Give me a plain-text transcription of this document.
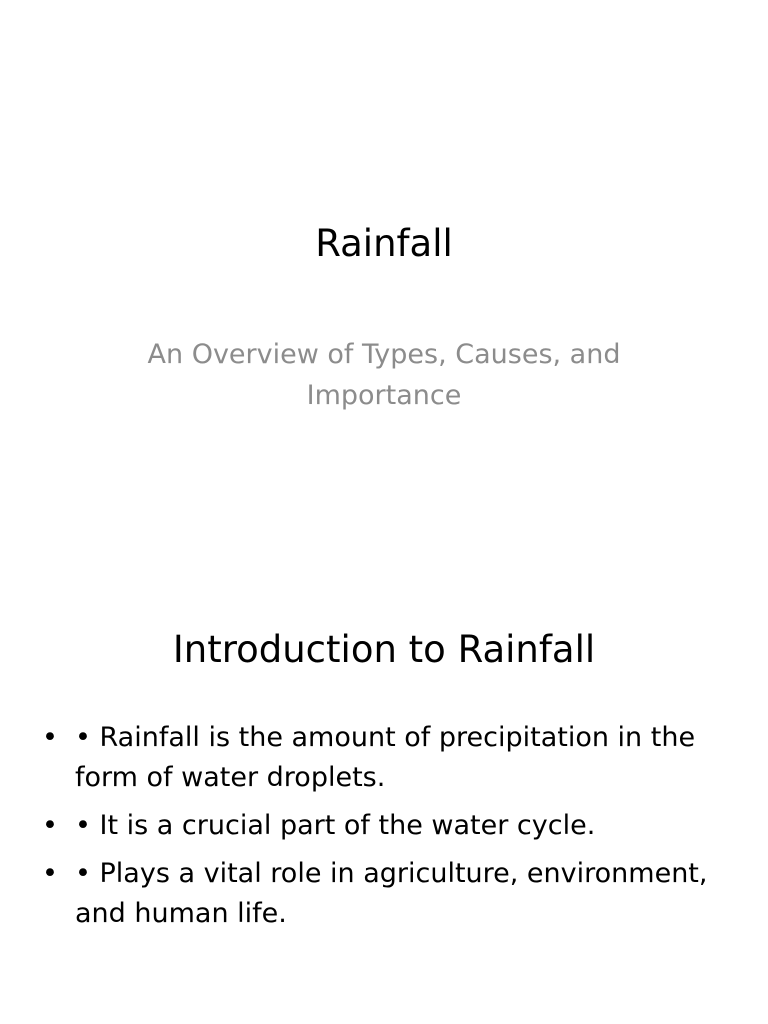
Rainfall

An Overview of Types, Causes, and Importance

Introduction to Rainfall
• • Rainfall is the amount of precipitation in the form of water droplets.
• • It is a crucial part of the water cycle.
• • Plays a vital role in agriculture, environment, and human life.
